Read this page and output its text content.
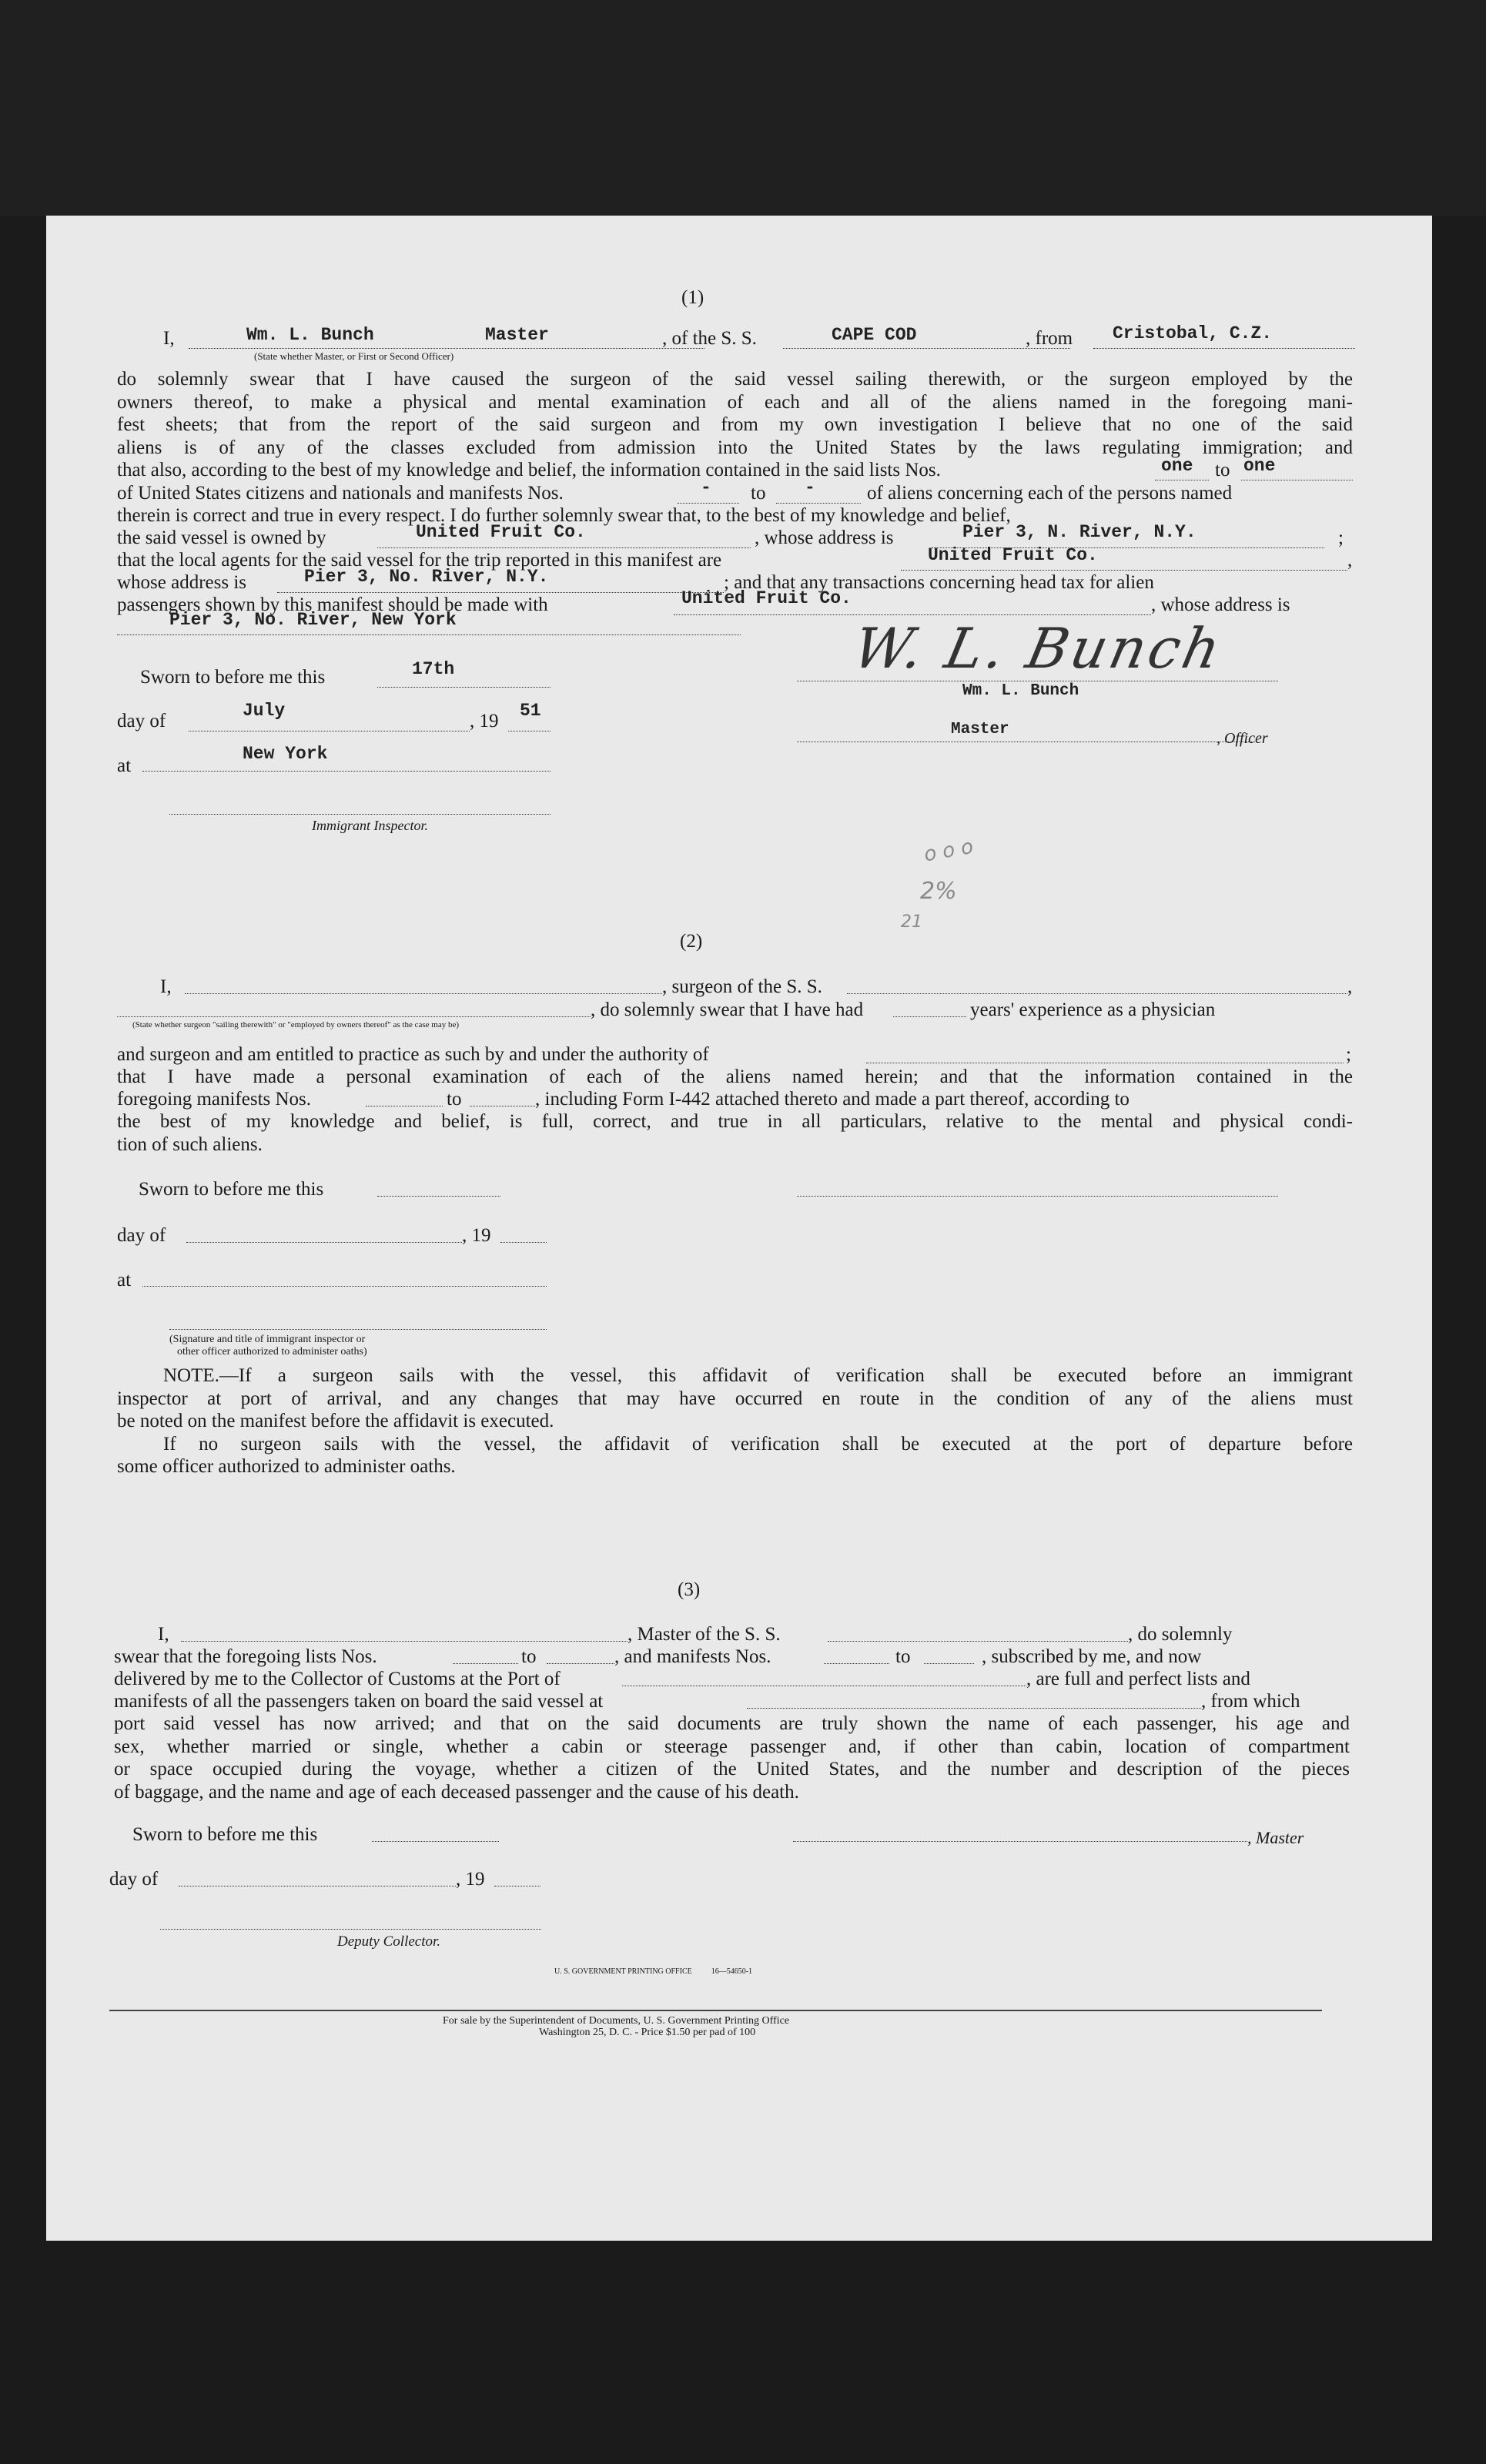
(1)
I,	Wm. L. Bunch	Master
(State whether Master, or First or Second Officer)
, of the S. S.	CAPE COD	, from Cristobal, C.Z.
do solemnly swear that I have caused the surgeon of the said vessel sailing therewith, or the surgeon employed by the
owners thereof, to make a physical and mental examination of each and all of the aliens named in the foregoing mani-
fest sheets; that from the report of the said surgeon and from my own investigation I believe that no one of the said
aliens is of any of the classes excluded from admission into the United States by the laws regulating immigration; and
that also, according to the best of my knowledge and belief, the information contained in the said lists Nos.	one to one
of United States citizens and nationals and manifests Nos.	- to -	of aliens concerning each of the persons named
therein is correct and true in every respect. I do further solemnly swear that, to the best of my knowledge and belief,
the said vessel is owned by	United Fruit Co.	, whose address is	Pier 3, N. River, N.Y.	;
that the local agents for the said vessel for the trip reported in this manifest are	United Fruit Co.	,
whose address is	Pier 3, No. River, N.Y.	; and that any transactions concerning head tax for alien
passengers shown by this manifest should be made with	United Fruit Co.	, whose address is
Pier 3, No. River, New York
Sworn to before me this	17th
day of	July	, 19 51
at
New York
Immigrant Inspector.
W. L. Bunch
Wm. L. Bunch
Master	, Officer
o o o
2%
21
(2)
I,	, surgeon of the S. S.	,
, do solemnly swear that I have had	years' experience as a physician
(State whether surgeon "sailing therewith" or "employed by owners thereof" as the case may be)
and surgeon and am entitled to practice as such by and under the authority of	;
that I have made a personal examination of each of the aliens named herein; and that the information contained in the
foregoing manifests Nos.	to	, including Form I-442 attached thereto and made a part thereof, according to
the best of my knowledge and belief, is full, correct, and true in all particulars, relative to the mental and physical condi-
tion of such aliens.
Sworn to before me this
day of	, 19
at
(Signature and title of immigrant inspector or
other officer authorized to administer oaths)
NOTE.—If a surgeon sails with the vessel, this affidavit of verification shall be executed before an immigrant
inspector at port of arrival, and any changes that may have occurred en route in the condition of any of the aliens must
be noted on the manifest before the affidavit is executed.
If no surgeon sails with the vessel, the affidavit of verification shall be executed at the port of departure before
some officer authorized to administer oaths.
(3)
I,	, Master of the S. S.	, do solemnly
swear that the foregoing lists Nos.	to	, and manifests Nos.	to	, subscribed by me, and now
delivered by me to the Collector of Customs at the Port of	, are full and perfect lists and
manifests of all the passengers taken on board the said vessel at	, from which
port said vessel has now arrived; and that on the said documents are truly shown the name of each passenger, his age and
sex, whether married or single, whether a cabin or steerage passenger and, if other than cabin, location of compartment
or space occupied during the voyage, whether a citizen of the United States, and the number and description of the pieces
of baggage, and the name and age of each deceased passenger and the cause of his death.
Sworn to before me this	, Master
day of	, 19
Deputy Collector.
U. S. GOVERNMENT PRINTING OFFICE          16—54650-1
For sale by the Superintendent of Documents, U. S. Government Printing Office
Washington 25, D. C. - Price $1.50 per pad of 100
